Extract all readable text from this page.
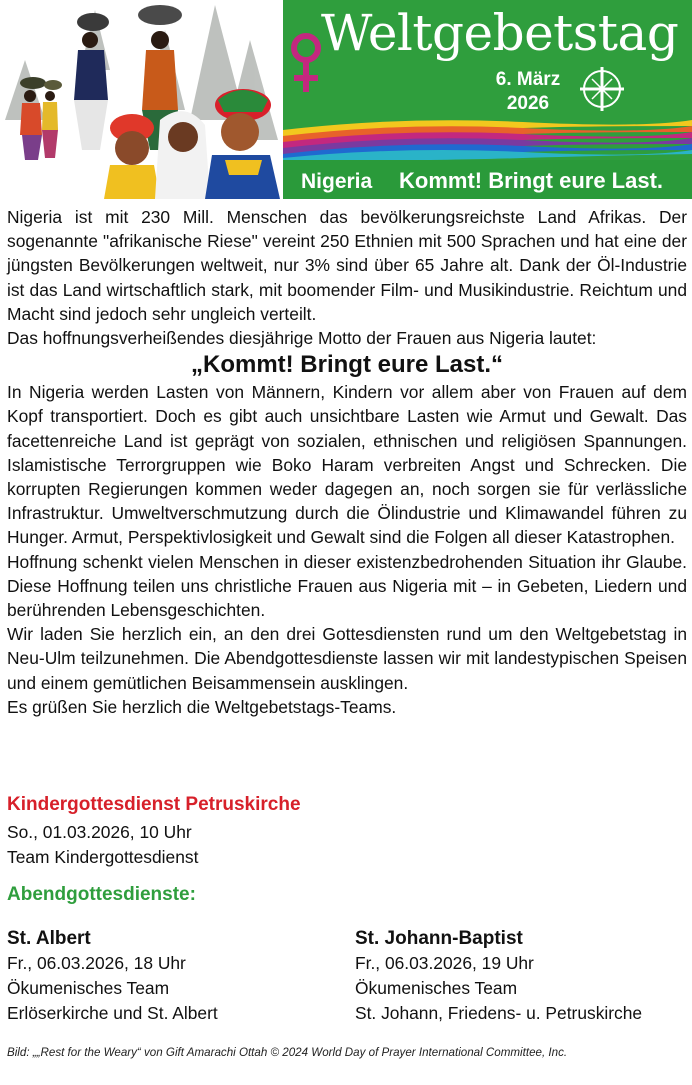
Weltgebetstag
6. März
2026
Nigeria Kommt! Bringt eure Last.

Nigeria ist mit 230 Mill. Menschen das bevölkerungsreichste Land Afrikas. Der sogenannte "afrikanische Riese" vereint 250 Ethnien mit 500 Sprachen und hat eine der jüngsten Bevölkerungen weltweit, nur 3% sind über 65 Jahre alt. Dank der Öl-Industrie ist das Land wirtschaftlich stark, mit boomender Film- und Musikindustrie. Reichtum und Macht sind jedoch sehr ungleich verteilt.

Das hoffnungsverheißendes diesjährige Motto der Frauen aus Nigeria lautet:

„Kommt! Bringt eure Last.“

In Nigeria werden Lasten von Männern, Kindern vor allem aber von Frauen auf dem Kopf transportiert. Doch es gibt auch unsichtbare Lasten wie Armut und Gewalt. Das facettenreiche Land ist geprägt von sozialen, ethnischen und religiösen Spannungen. Islamistische Terrorgruppen wie Boko Haram verbreiten Angst und Schrecken. Die korrupten Regierungen kommen weder dagegen an, noch sorgen sie für verlässliche Infrastruktur. Umweltverschmutzung durch die Ölindustrie und Klimawandel führen zu Hunger. Armut, Perspektivlosigkeit und Gewalt sind die Folgen all dieser Katastrophen.

Hoffnung schenkt vielen Menschen in dieser existenzbedrohenden Situation ihr Glaube. Diese Hoffnung teilen uns christliche Frauen aus Nigeria mit – in Gebeten, Liedern und berührenden Lebensgeschichten.

Wir laden Sie herzlich ein, an den drei Gottesdiensten rund um den Weltgebetstag in Neu-Ulm teilzunehmen. Die Abendgottesdienste lassen wir mit landestypischen Speisen und einem gemütlichen Beisammensein ausklingen.

Es grüßen Sie herzlich die Weltgebetstags-Teams.

Kindergottesdienst Petruskirche
So., 01.03.2026, 10 Uhr
Team Kindergottesdienst
Abendgottesdienste:
St. Albert
Fr., 06.03.2026, 18 Uhr
Ökumenisches Team
Erlöserkirche und St. Albert
St. Johann-Baptist
Fr., 06.03.2026, 19 Uhr
Ökumenisches Team
St. Johann, Friedens- u. Petruskirche
Bild: „„Rest for the Weary“ von Gift Amarachi Ottah © 2024 World Day of Prayer International Committee, Inc.
